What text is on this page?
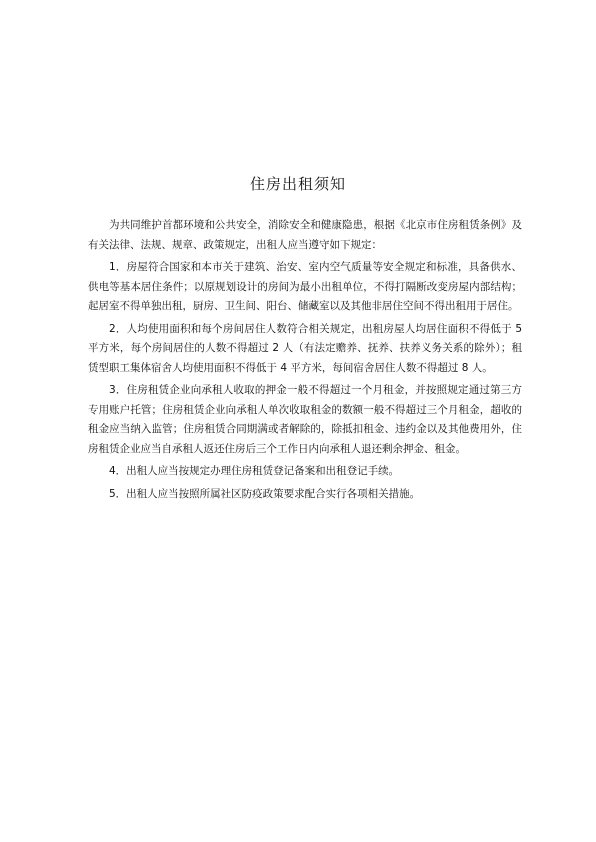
住房出租须知

为共同维护首都环境和公共安全，消除安全和健康隐患，根据《北京市住房租赁条例》及有关法律、法规、规章、政策规定，出租人应当遵守如下规定：

1．房屋符合国家和本市关于建筑、治安、室内空气质量等安全规定和标准，具备供水、供电等基本居住条件；以原规划设计的房间为最小出租单位，不得打隔断改变房屋内部结构；起居室不得单独出租，厨房、卫生间、阳台、储藏室以及其他非居住空间不得出租用于居住。

2．人均使用面积和每个房间居住人数符合相关规定，出租房屋人均居住面积不得低于 5 平方米，每个房间居住的人数不得超过 2 人（有法定赡养、抚养、扶养义务关系的除外）；租赁型职工集体宿舍人均使用面积不得低于 4 平方米，每间宿舍居住人数不得超过 8 人。

3．住房租赁企业向承租人收取的押金一般不得超过一个月租金，并按照规定通过第三方专用账户托管；住房租赁企业向承租人单次收取租金的数额一般不得超过三个月租金，超收的租金应当纳入监管；住房租赁合同期满或者解除的，除抵扣租金、违约金以及其他费用外，住房租赁企业应当自承租人返还住房后三个工作日内向承租人退还剩余押金、租金。

4．出租人应当按规定办理住房租赁登记备案和出租登记手续。

5．出租人应当按照所属社区防疫政策要求配合实行各项相关措施。
